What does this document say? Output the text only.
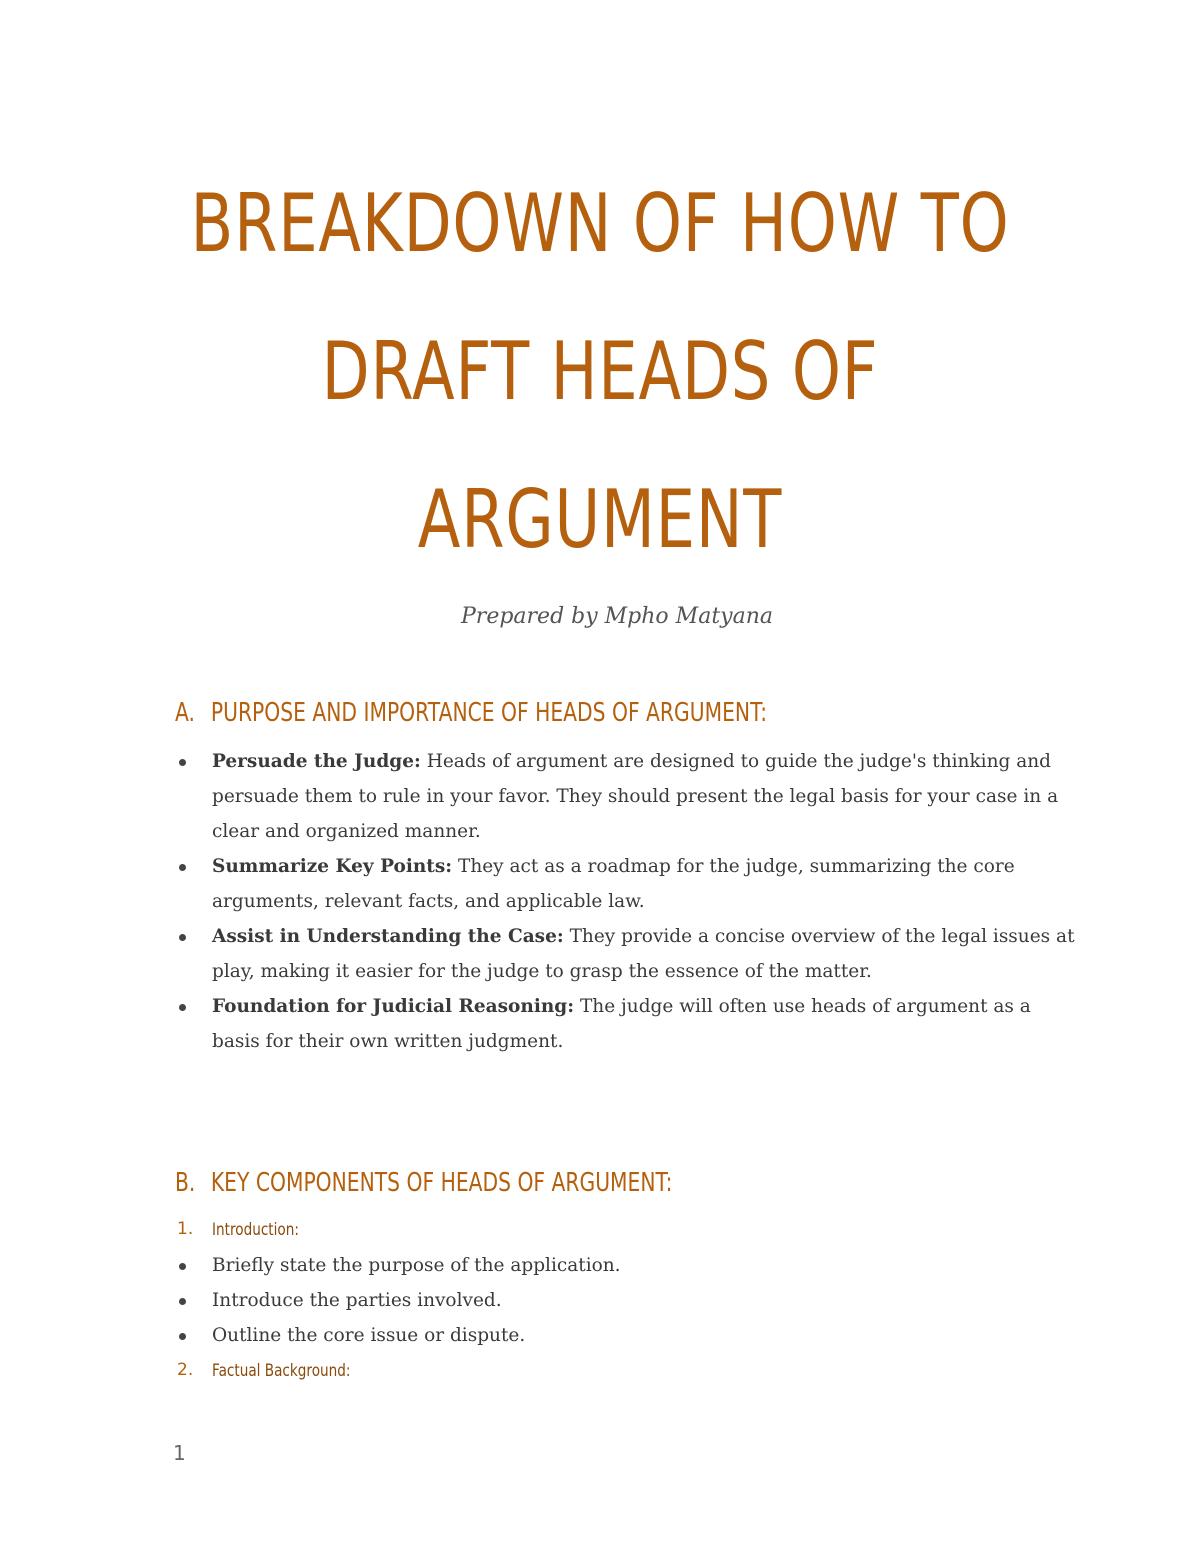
BREAKDOWN OF HOW TO
DRAFT HEADS OF
ARGUMENT
Prepared by Mpho Matyana
A. PURPOSE AND IMPORTANCE OF HEADS OF ARGUMENT:
Persuade the Judge: Heads of argument are designed to guide the judge's thinking and persuade them to rule in your favor. They should present the legal basis for your case in a clear and organized manner.
Summarize Key Points: They act as a roadmap for the judge, summarizing the core arguments, relevant facts, and applicable law.
Assist in Understanding the Case: They provide a concise overview of the legal issues at play, making it easier for the judge to grasp the essence of the matter.
Foundation for Judicial Reasoning: The judge will often use heads of argument as a basis for their own written judgment.
B. KEY COMPONENTS OF HEADS OF ARGUMENT:
1. Introduction:
Briefly state the purpose of the application.
Introduce the parties involved.
Outline the core issue or dispute.
2. Factual Background:
1
